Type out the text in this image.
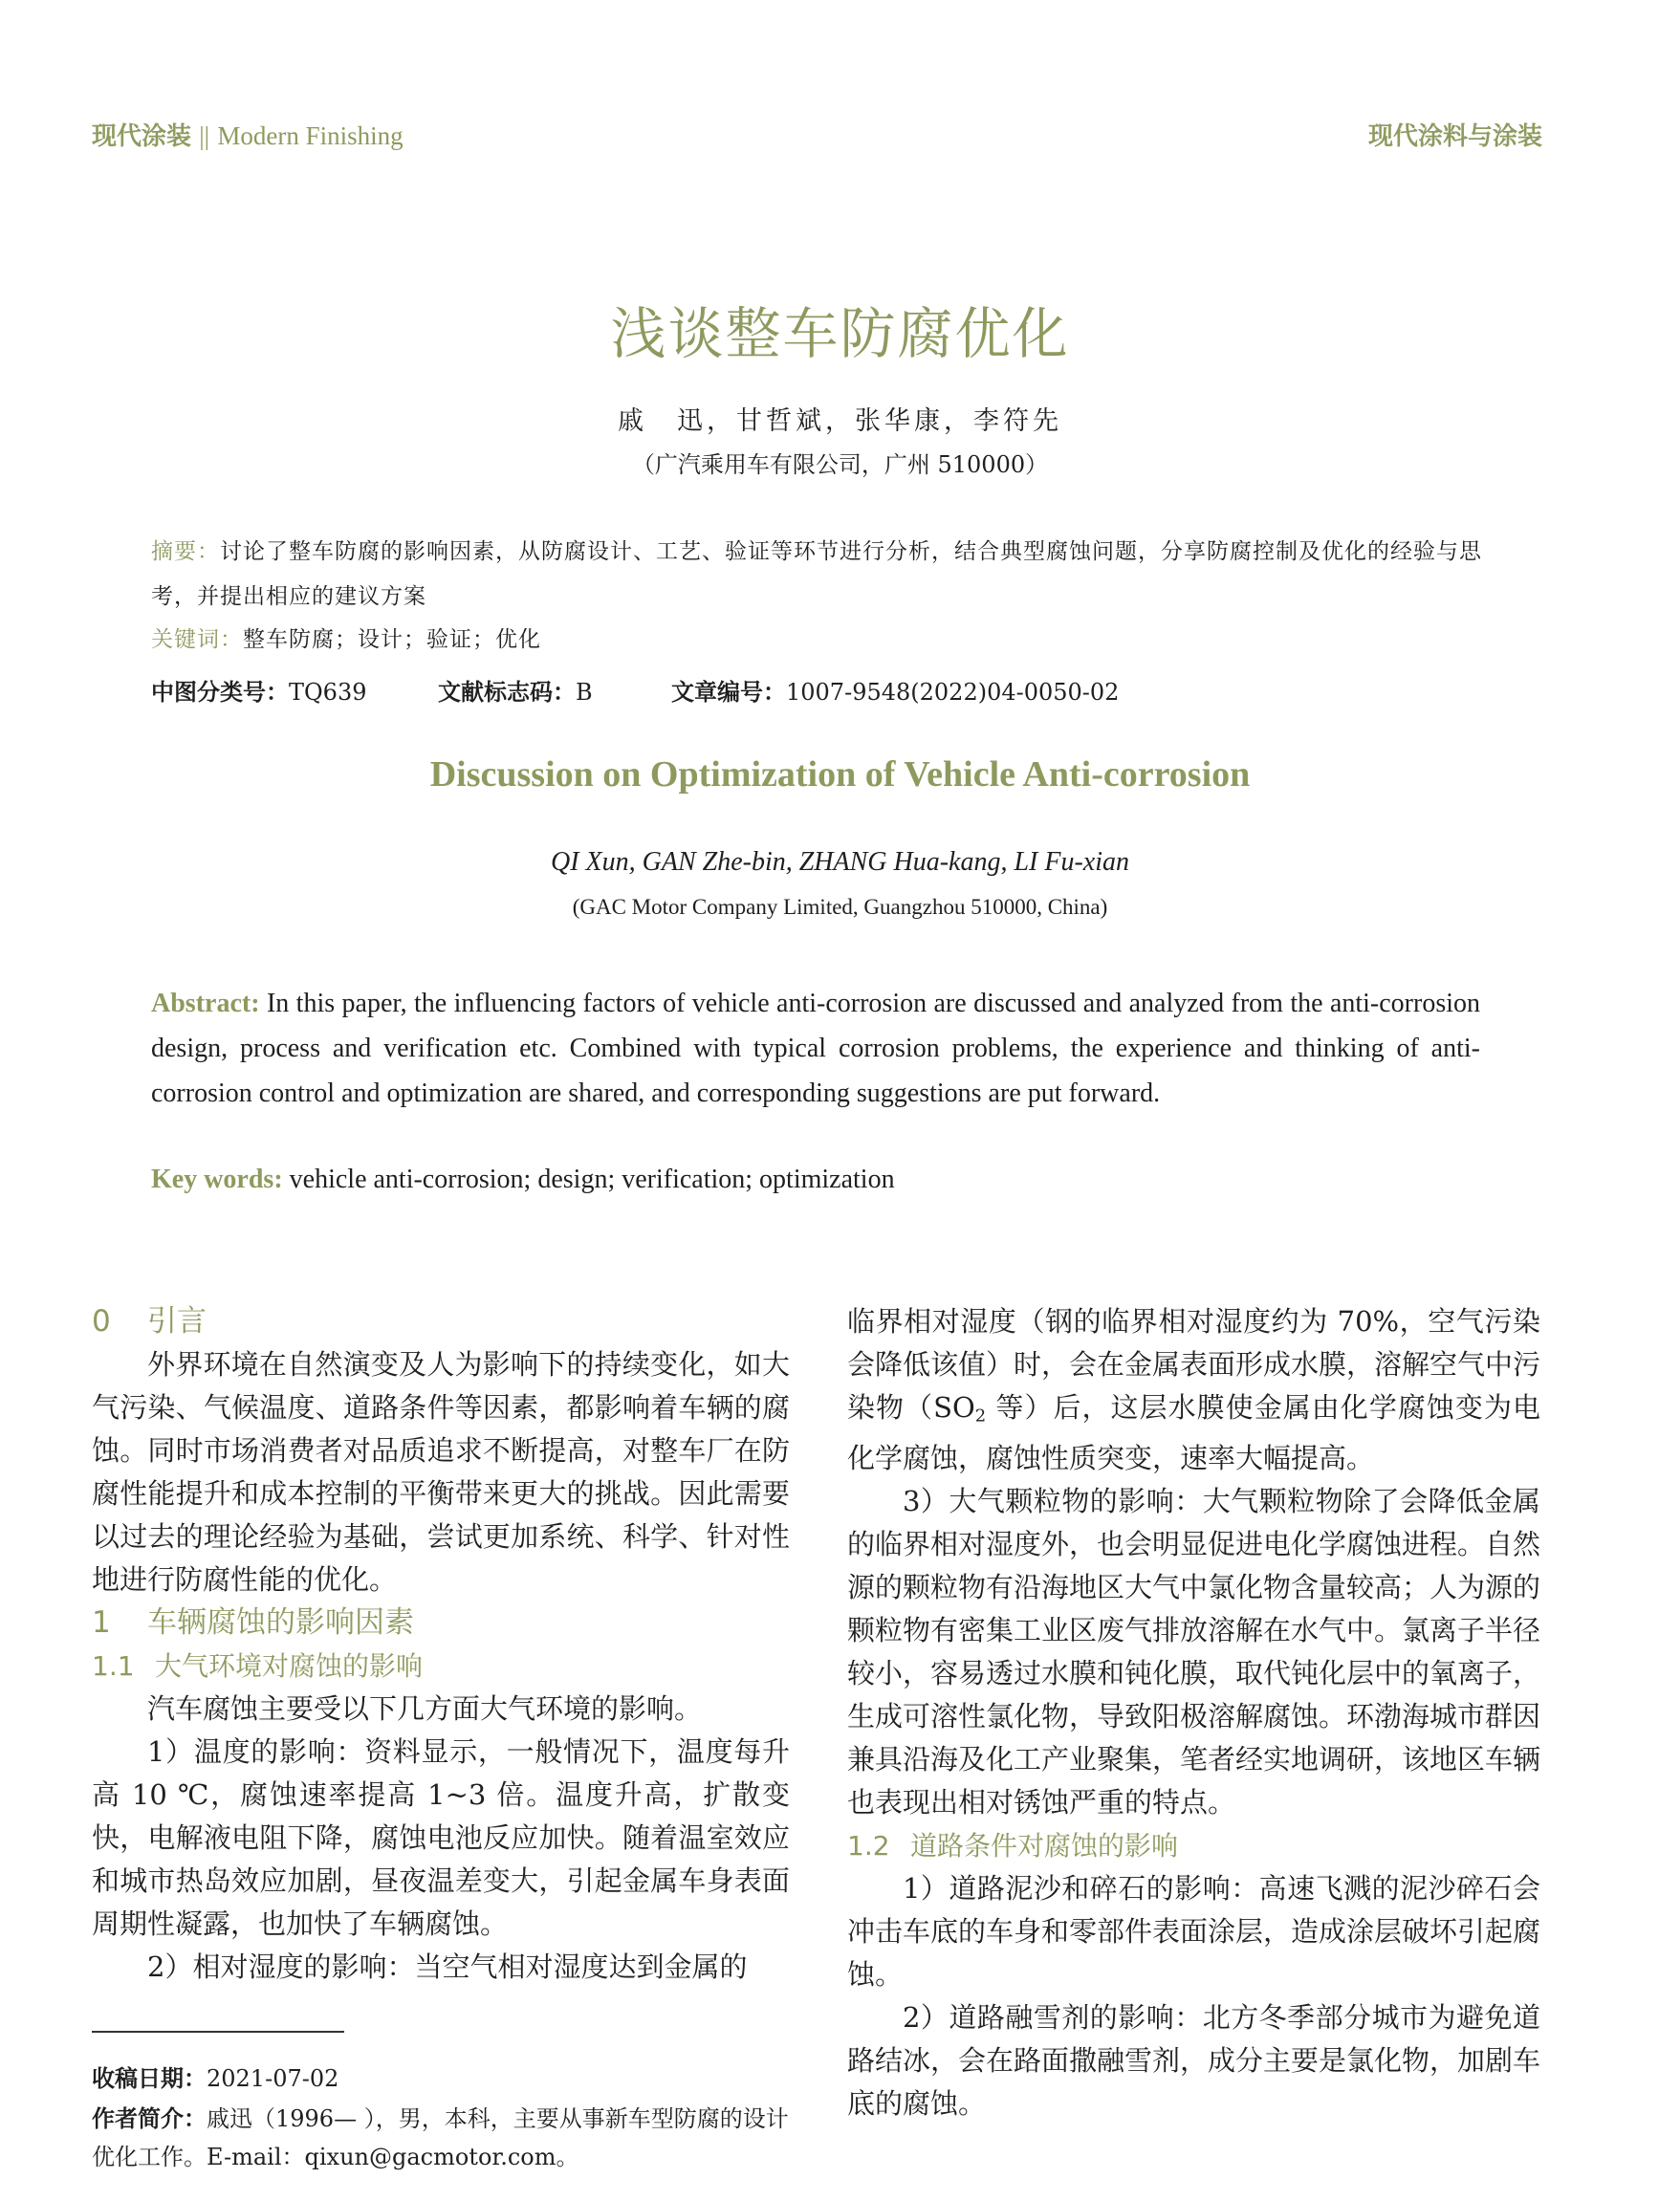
现代涂装 || Modern Finishing	现代涂料与涂装
浅谈整车防腐优化
戚　迅，甘哲斌，张华康，李符先
（广汽乘用车有限公司，广州 510000）
摘要：讨论了整车防腐的影响因素，从防腐设计、工艺、验证等环节进行分析，结合典型腐蚀问题，分享防腐控制及优化的经验与思考，并提出相应的建议方案
关键词：整车防腐；设计；验证；优化
中图分类号：TQ639	文献标志码：B	文章编号：1007-9548(2022)04-0050-02
Discussion on Optimization of Vehicle Anti-corrosion
QI Xun, GAN Zhe-bin, ZHANG Hua-kang, LI Fu-xian
(GAC Motor Company Limited, Guangzhou 510000, China)
Abstract: In this paper, the influencing factors of vehicle anti-corrosion are discussed and analyzed from the anti-corrosion design, process and verification etc. Combined with typical corrosion problems, the experience and thinking of anti-corrosion control and optimization are shared, and corresponding suggestions are put forward.
Key words: vehicle anti-corrosion; design; verification; optimization
0 引言

外界环境在自然演变及人为影响下的持续变化，如大气污染、气候温度、道路条件等因素，都影响着车辆的腐蚀。同时市场消费者对品质追求不断提高，对整车厂在防腐性能提升和成本控制的平衡带来更大的挑战。因此需要以过去的理论经验为基础，尝试更加系统、科学、针对性地进行防腐性能的优化。

1 车辆腐蚀的影响因素
1.1 大气环境对腐蚀的影响

汽车腐蚀主要受以下几方面大气环境的影响。

1）温度的影响：资料显示，一般情况下，温度每升高 10 ℃，腐蚀速率提高 1~3 倍。温度升高，扩散变快，电解液电阻下降，腐蚀电池反应加快。随着温室效应和城市热岛效应加剧，昼夜温差变大，引起金属车身表面周期性凝露，也加快了车辆腐蚀。

2）相对湿度的影响：当空气相对湿度达到金属的

临界相对湿度（钢的临界相对湿度约为 70%，空气污染会降低该值）时，会在金属表面形成水膜，溶解空气中污染物（$SO_2$ 等）后，这层水膜使金属由化学腐蚀变为电化学腐蚀，腐蚀性质突变，速率大幅提高。

3）大气颗粒物的影响：大气颗粒物除了会降低金属的临界相对湿度外，也会明显促进电化学腐蚀进程。自然源的颗粒物有沿海地区大气中氯化物含量较高；人为源的颗粒物有密集工业区废气排放溶解在水气中。氯离子半径较小，容易透过水膜和钝化膜，取代钝化层中的氧离子，生成可溶性氯化物，导致阳极溶解腐蚀。环渤海城市群因兼具沿海及化工产业聚集，笔者经实地调研，该地区车辆也表现出相对锈蚀严重的特点。

1.2 道路条件对腐蚀的影响

1）道路泥沙和碎石的影响：高速飞溅的泥沙碎石会冲击车底的车身和零部件表面涂层，造成涂层破坏引起腐蚀。

2）道路融雪剂的影响：北方冬季部分城市为避免道路结冰，会在路面撒融雪剂，成分主要是氯化物，加剧车底的腐蚀。

收稿日期：2021-07-02
作者简介：戚迅（1996— ），男，本科，主要从事新车型防腐的设计优化工作。E-mail：qixun@gacmotor.com。
